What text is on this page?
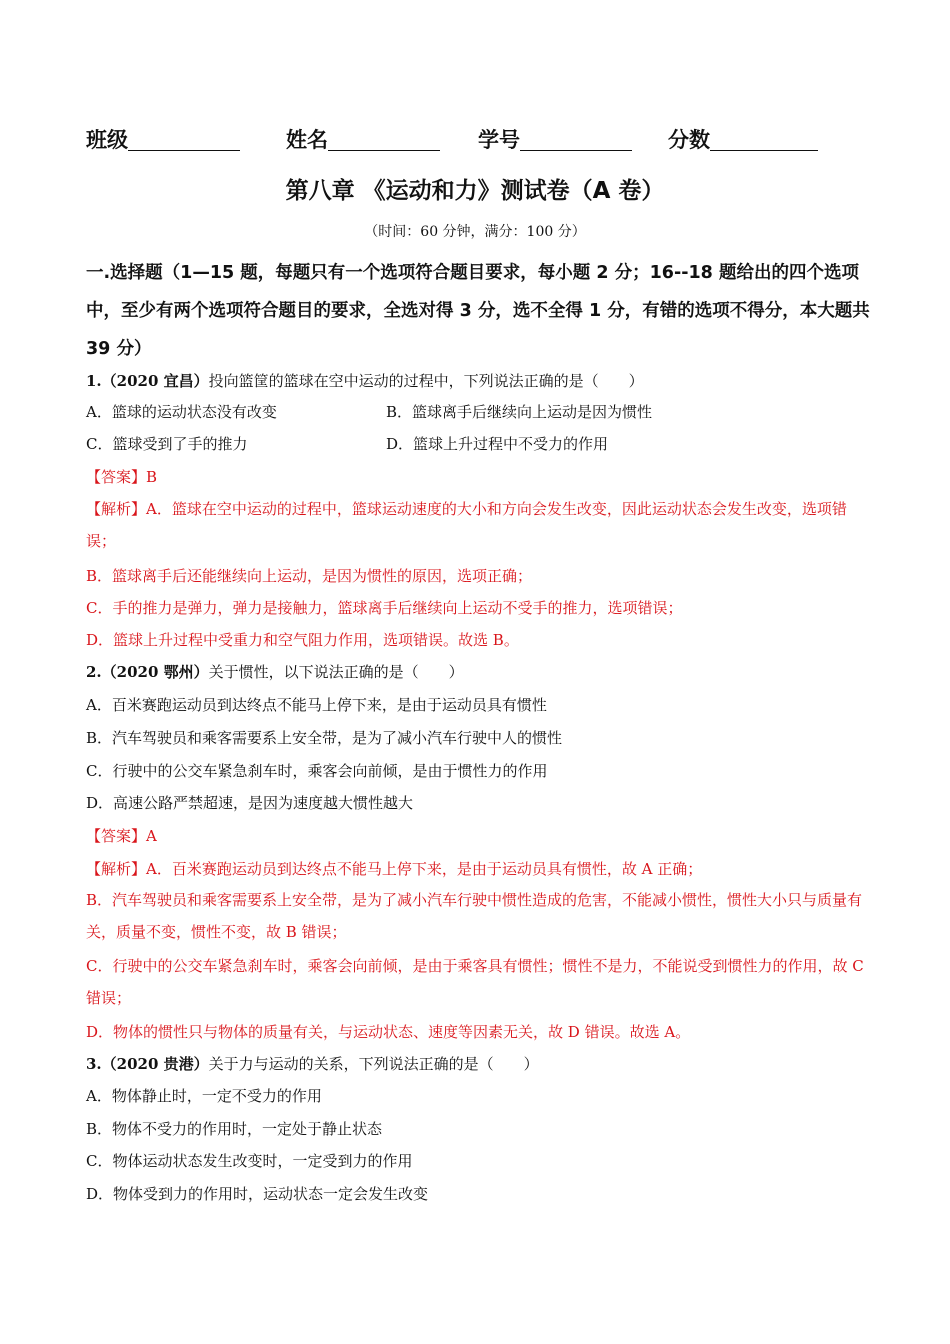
班级	姓名	学号	分数
第八章 《运动和力》测试卷（A 卷）
（时间：60 分钟，满分：100 分）
一.选择题（1—15 题，每题只有一个选项符合题目要求，每小题 2 分；16--18 题给出的四个选项中，至少有两个选项符合题目的要求，全选对得 3 分，选不全得 1 分，有错的选项不得分，本大题共 39 分）
1.（2020 宜昌）投向篮筐的篮球在空中运动的过程中，下列说法正确的是（　　）
A．篮球的运动状态没有改变	B．篮球离手后继续向上运动是因为惯性
C．篮球受到了手的推力	D．篮球上升过程中不受力的作用
【答案】B
【解析】A．篮球在空中运动的过程中，篮球运动速度的大小和方向会发生改变，因此运动状态会发生改变，选项错误；
B．篮球离手后还能继续向上运动，是因为惯性的原因，选项正确；
C．手的推力是弹力，弹力是接触力，篮球离手后继续向上运动不受手的推力，选项错误；
D．篮球上升过程中受重力和空气阻力作用，选项错误。故选 B。
2.（2020 鄂州）关于惯性，以下说法正确的是（　　）
A．百米赛跑运动员到达终点不能马上停下来，是由于运动员具有惯性
B．汽车驾驶员和乘客需要系上安全带，是为了减小汽车行驶中人的惯性
C．行驶中的公交车紧急刹车时，乘客会向前倾，是由于惯性力的作用
D．高速公路严禁超速，是因为速度越大惯性越大
【答案】A
【解析】A．百米赛跑运动员到达终点不能马上停下来，是由于运动员具有惯性，故 A 正确；
B．汽车驾驶员和乘客需要系上安全带，是为了减小汽车行驶中惯性造成的危害，不能减小惯性，惯性大小只与质量有关，质量不变，惯性不变，故 B 错误；
C．行驶中的公交车紧急刹车时，乘客会向前倾，是由于乘客具有惯性；惯性不是力，不能说受到惯性力的作用，故 C 错误；
D．物体的惯性只与物体的质量有关，与运动状态、速度等因素无关，故 D 错误。故选 A。
3.（2020 贵港）关于力与运动的关系，下列说法正确的是（　　）
A．物体静止时，一定不受力的作用
B．物体不受力的作用时，一定处于静止状态
C．物体运动状态发生改变时，一定受到力的作用
D．物体受到力的作用时，运动状态一定会发生改变
